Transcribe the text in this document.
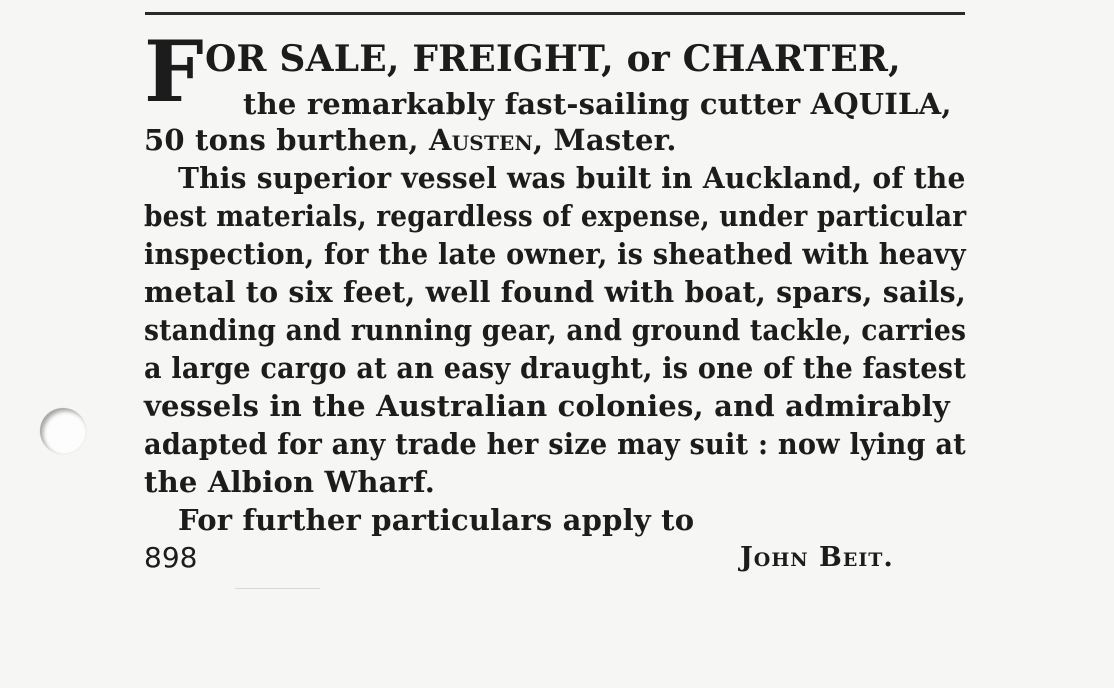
F OR SALE, FREIGHT, or CHARTER,
the remarkably fast-sailing cutter AQUILA,
50 tons burthen, Austen, Master.
This superior vessel was built in Auckland, of the
best materials, regardless of expense, under particular
inspection, for the late owner, is sheathed with heavy
metal to six feet, well found with boat, spars, sails,
standing and running gear, and ground tackle, carries
a large cargo at an easy draught, is one of the fastest
vessels in the Australian colonies, and admirably
adapted for any trade her size may suit : now lying at
the Albion Wharf.
For further particulars apply to
898	John Beit.
